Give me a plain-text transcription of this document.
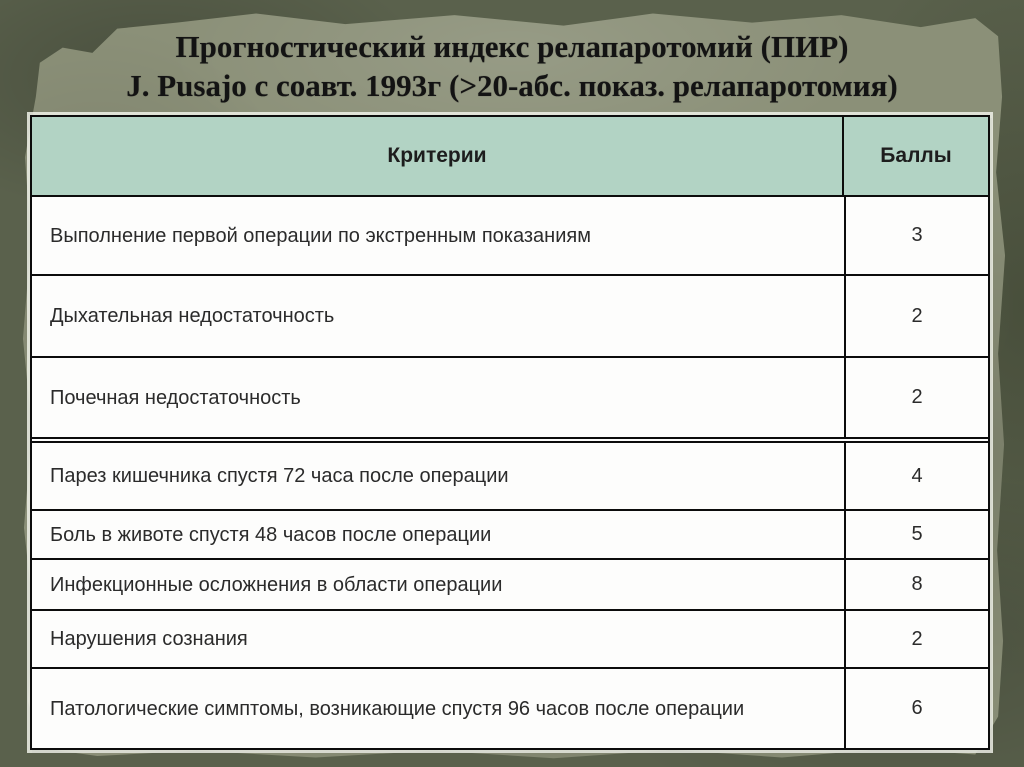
Прогностический индекс релапаротомий (ПИР)
J. Pusajo с соавт. 1993г (>20-абс. показ. релапаротомия)
Критерии	Баллы
Выполнение первой операции по экстренным показаниям	3
Дыхательная недостаточность	2
Почечная недостаточность	2
Парез кишечника спустя 72 часа после операции	4
Боль в животе спустя 48 часов после операции	5
Инфекционные осложнения в области операции	8
Нарушения сознания	2
Патологические симптомы, возникающие спустя 96 часов после операции	6
